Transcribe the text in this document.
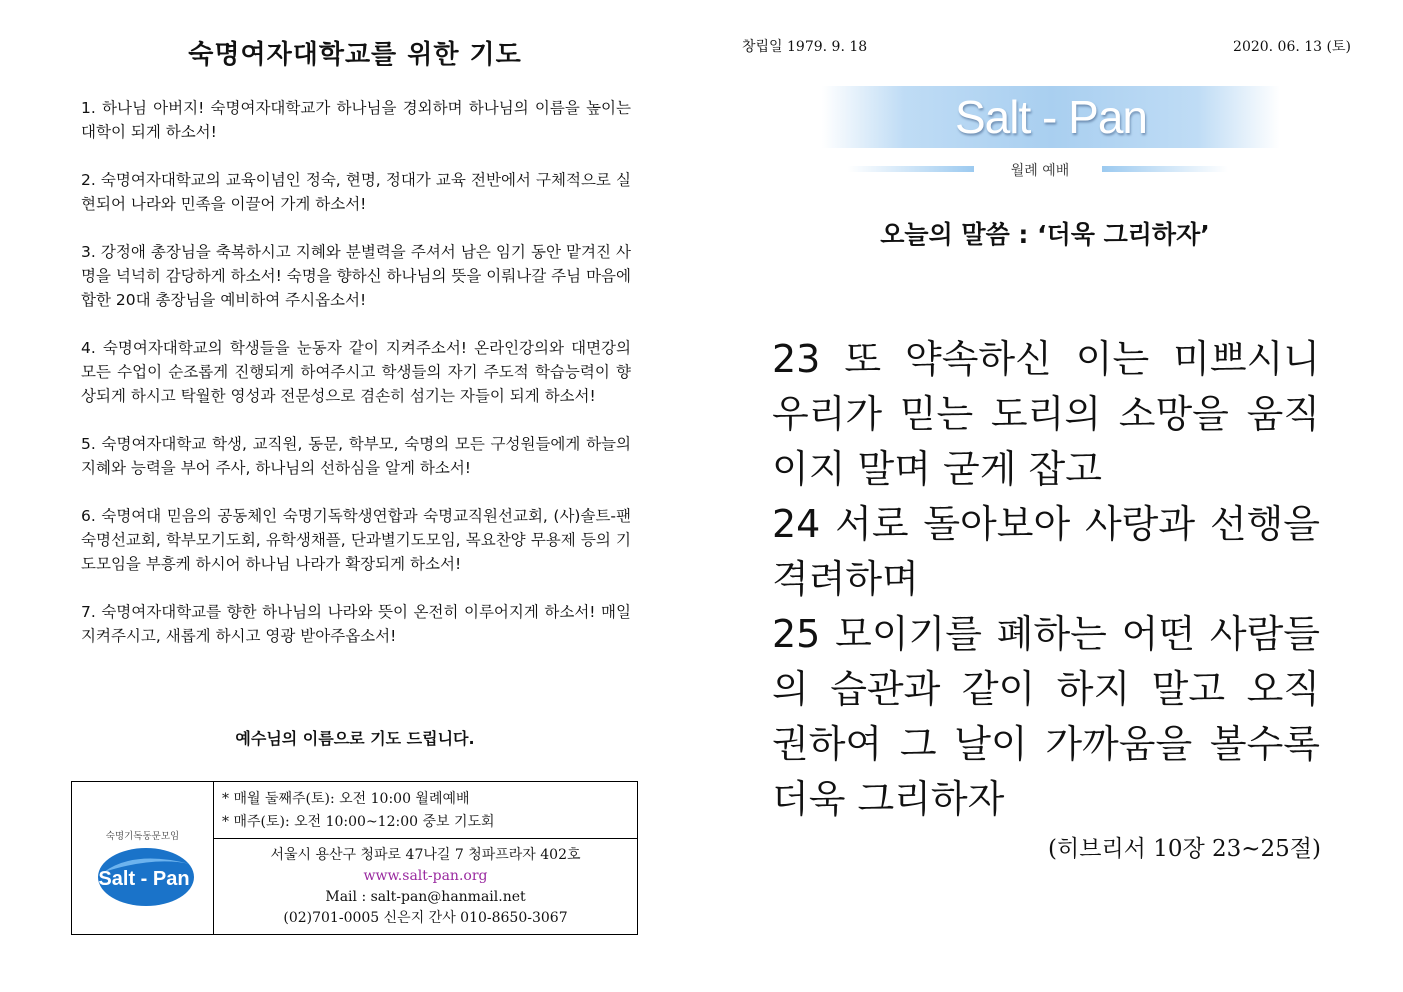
숙명여자대학교를 위한 기도

1. 하나님 아버지! 숙명여자대학교가 하나님을 경외하며 하나님의 이름을 높이는 대학이 되게 하소서!

2. 숙명여자대학교의 교육이념인 정숙, 현명, 정대가 교육 전반에서 구체적으로 실현되어 나라와 민족을 이끌어 가게 하소서!

3. 강정애 총장님을 축복하시고 지혜와 분별력을 주셔서 남은 임기 동안 맡겨진 사명을 넉넉히 감당하게 하소서! 숙명을 향하신 하나님의 뜻을 이뤄나갈 주님 마음에 합한 20대 총장님을 예비하여 주시옵소서!

4. 숙명여자대학교의 학생들을 눈동자 같이 지켜주소서! 온라인강의와 대면강의 모든 수업이 순조롭게 진행되게 하여주시고 학생들의 자기 주도적 학습능력이 향상되게 하시고 탁월한 영성과 전문성으로 겸손히 섬기는 자들이 되게 하소서!

5. 숙명여자대학교 학생, 교직원, 동문, 학부모, 숙명의 모든 구성원들에게 하늘의 지혜와 능력을 부어 주사, 하나님의 선하심을 알게 하소서!

6. 숙명여대 믿음의 공동체인 숙명기독학생연합과 숙명교직원선교회, (사)솔트-팬 숙명선교회, 학부모기도회, 유학생채플, 단과별기도모임, 목요찬양 무용제 등의 기도모임을 부흥케 하시어 하나님 나라가 확장되게 하소서!

7. 숙명여자대학교를 향한 하나님의 나라와 뜻이 온전히 이루어지게 하소서! 매일 지켜주시고, 새롭게 하시고 영광 받아주옵소서!

예수님의 이름으로 기도 드립니다.
숙명기독동문모임
Salt - Pan
* 매월 둘째주(토): 오전 10:00 월례예배
* 매주(토): 오전 10:00~12:00 중보 기도회
서울시 용산구 청파로 47나길 7 청파프라자 402호
www.salt-pan.org
Mail : salt-pan@hanmail.net
(02)701-0005 신은지 간사 010-8650-3067
창립일 1979. 9. 18	2020. 06. 13 (토)
Salt - Pan
월례 예배
오늘의 말씀 : ‘더욱 그리하자’
23 또 약속하신 이는 미쁘시니
우리가 믿는 도리의 소망을 움직
이지 말며 굳게 잡고
24 서로 돌아보아 사랑과 선행을
격려하며
25 모이기를 폐하는 어떤 사람들
의 습관과 같이 하지 말고 오직
권하여 그 날이 가까움을 볼수록
더욱 그리하자
(히브리서 10장 23~25절)
